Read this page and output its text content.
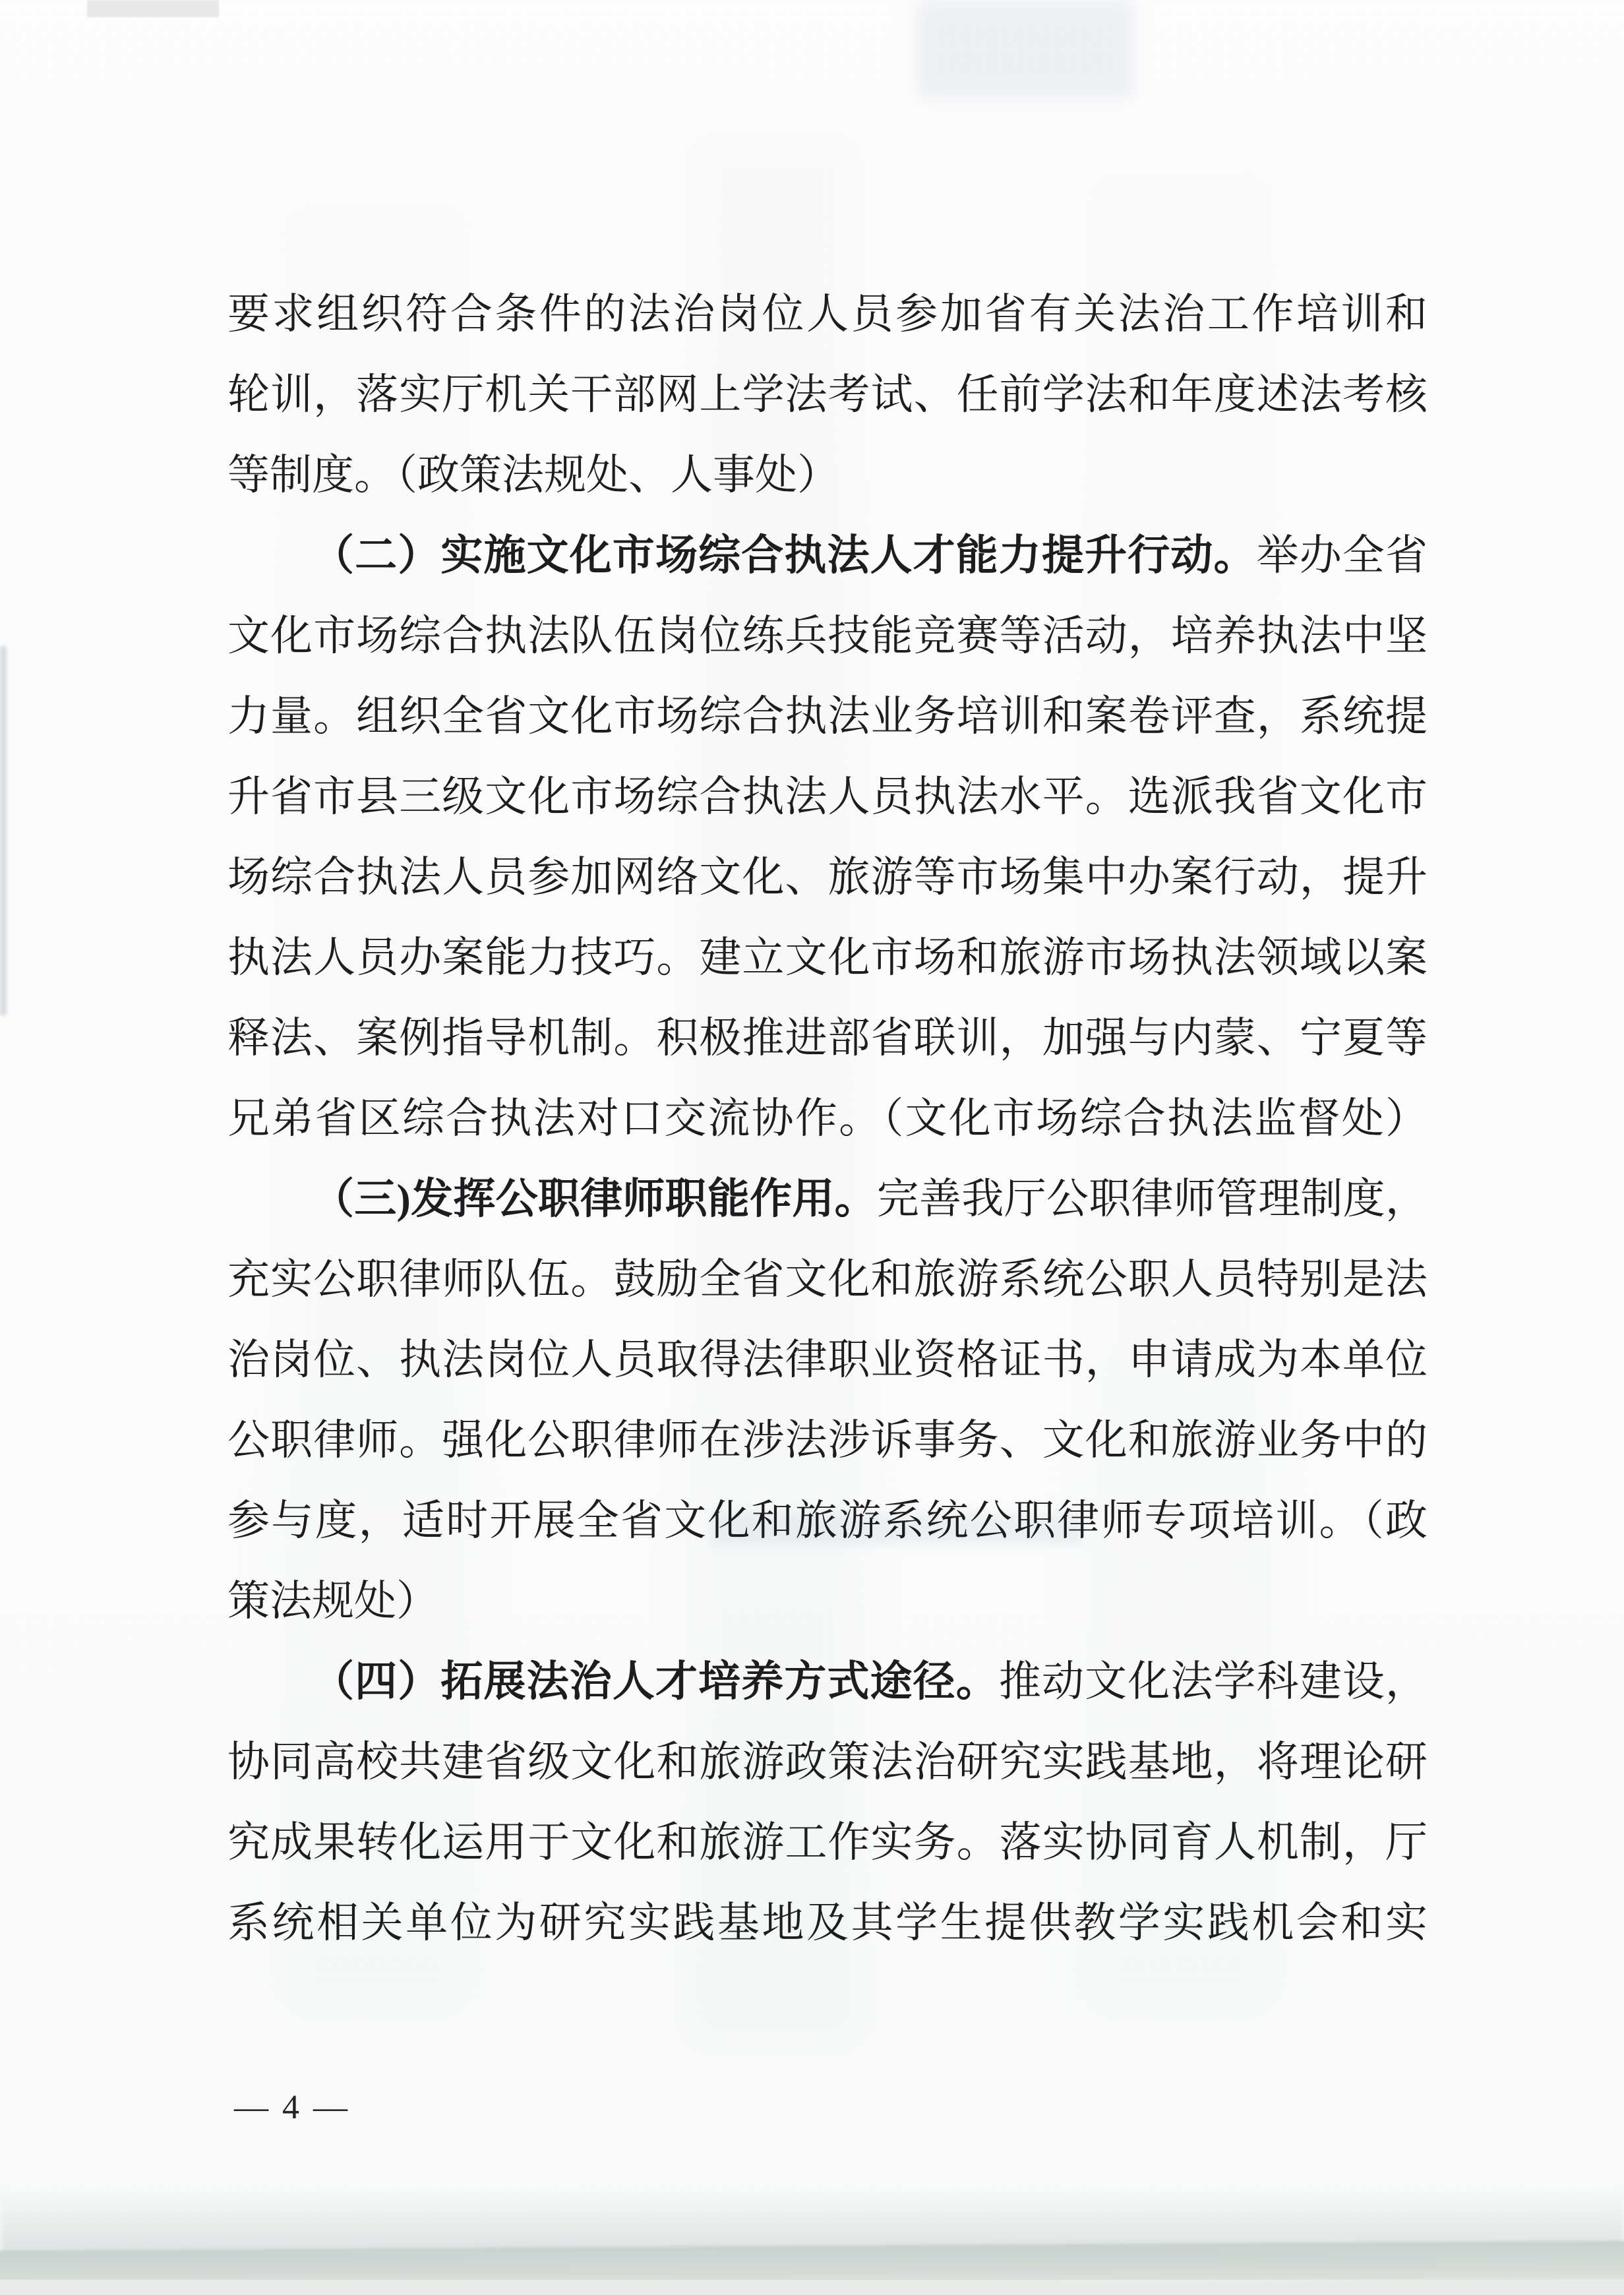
要求组织符合条件的法治岗位人员参加省有关法治工作培训和
轮训，落实厅机关干部网上学法考试、任前学法和年度述法考核
等制度。（政策法规处、人事处）
（二）实施文化市场综合执法人才能力提升行动。举办全省
文化市场综合执法队伍岗位练兵技能竞赛等活动，培养执法中坚
力量。组织全省文化市场综合执法业务培训和案卷评查，系统提
升省市县三级文化市场综合执法人员执法水平。选派我省文化市
场综合执法人员参加网络文化、旅游等市场集中办案行动，提升
执法人员办案能力技巧。建立文化市场和旅游市场执法领域以案
释法、案例指导机制。积极推进部省联训，加强与内蒙、宁夏等
兄弟省区综合执法对口交流协作。（文化市场综合执法监督处）
（三)发挥公职律师职能作用。完善我厅公职律师管理制度，
充实公职律师队伍。鼓励全省文化和旅游系统公职人员特别是法
治岗位、执法岗位人员取得法律职业资格证书，申请成为本单位
公职律师。强化公职律师在涉法涉诉事务、文化和旅游业务中的
参与度，适时开展全省文化和旅游系统公职律师专项培训。（政
策法规处）
（四）拓展法治人才培养方式途径。推动文化法学科建设，
协同高校共建省级文化和旅游政策法治研究实践基地，将理论研
究成果转化运用于文化和旅游工作实务。落实协同育人机制，厅
系统相关单位为研究实践基地及其学生提供教学实践机会和实
— 4 —
